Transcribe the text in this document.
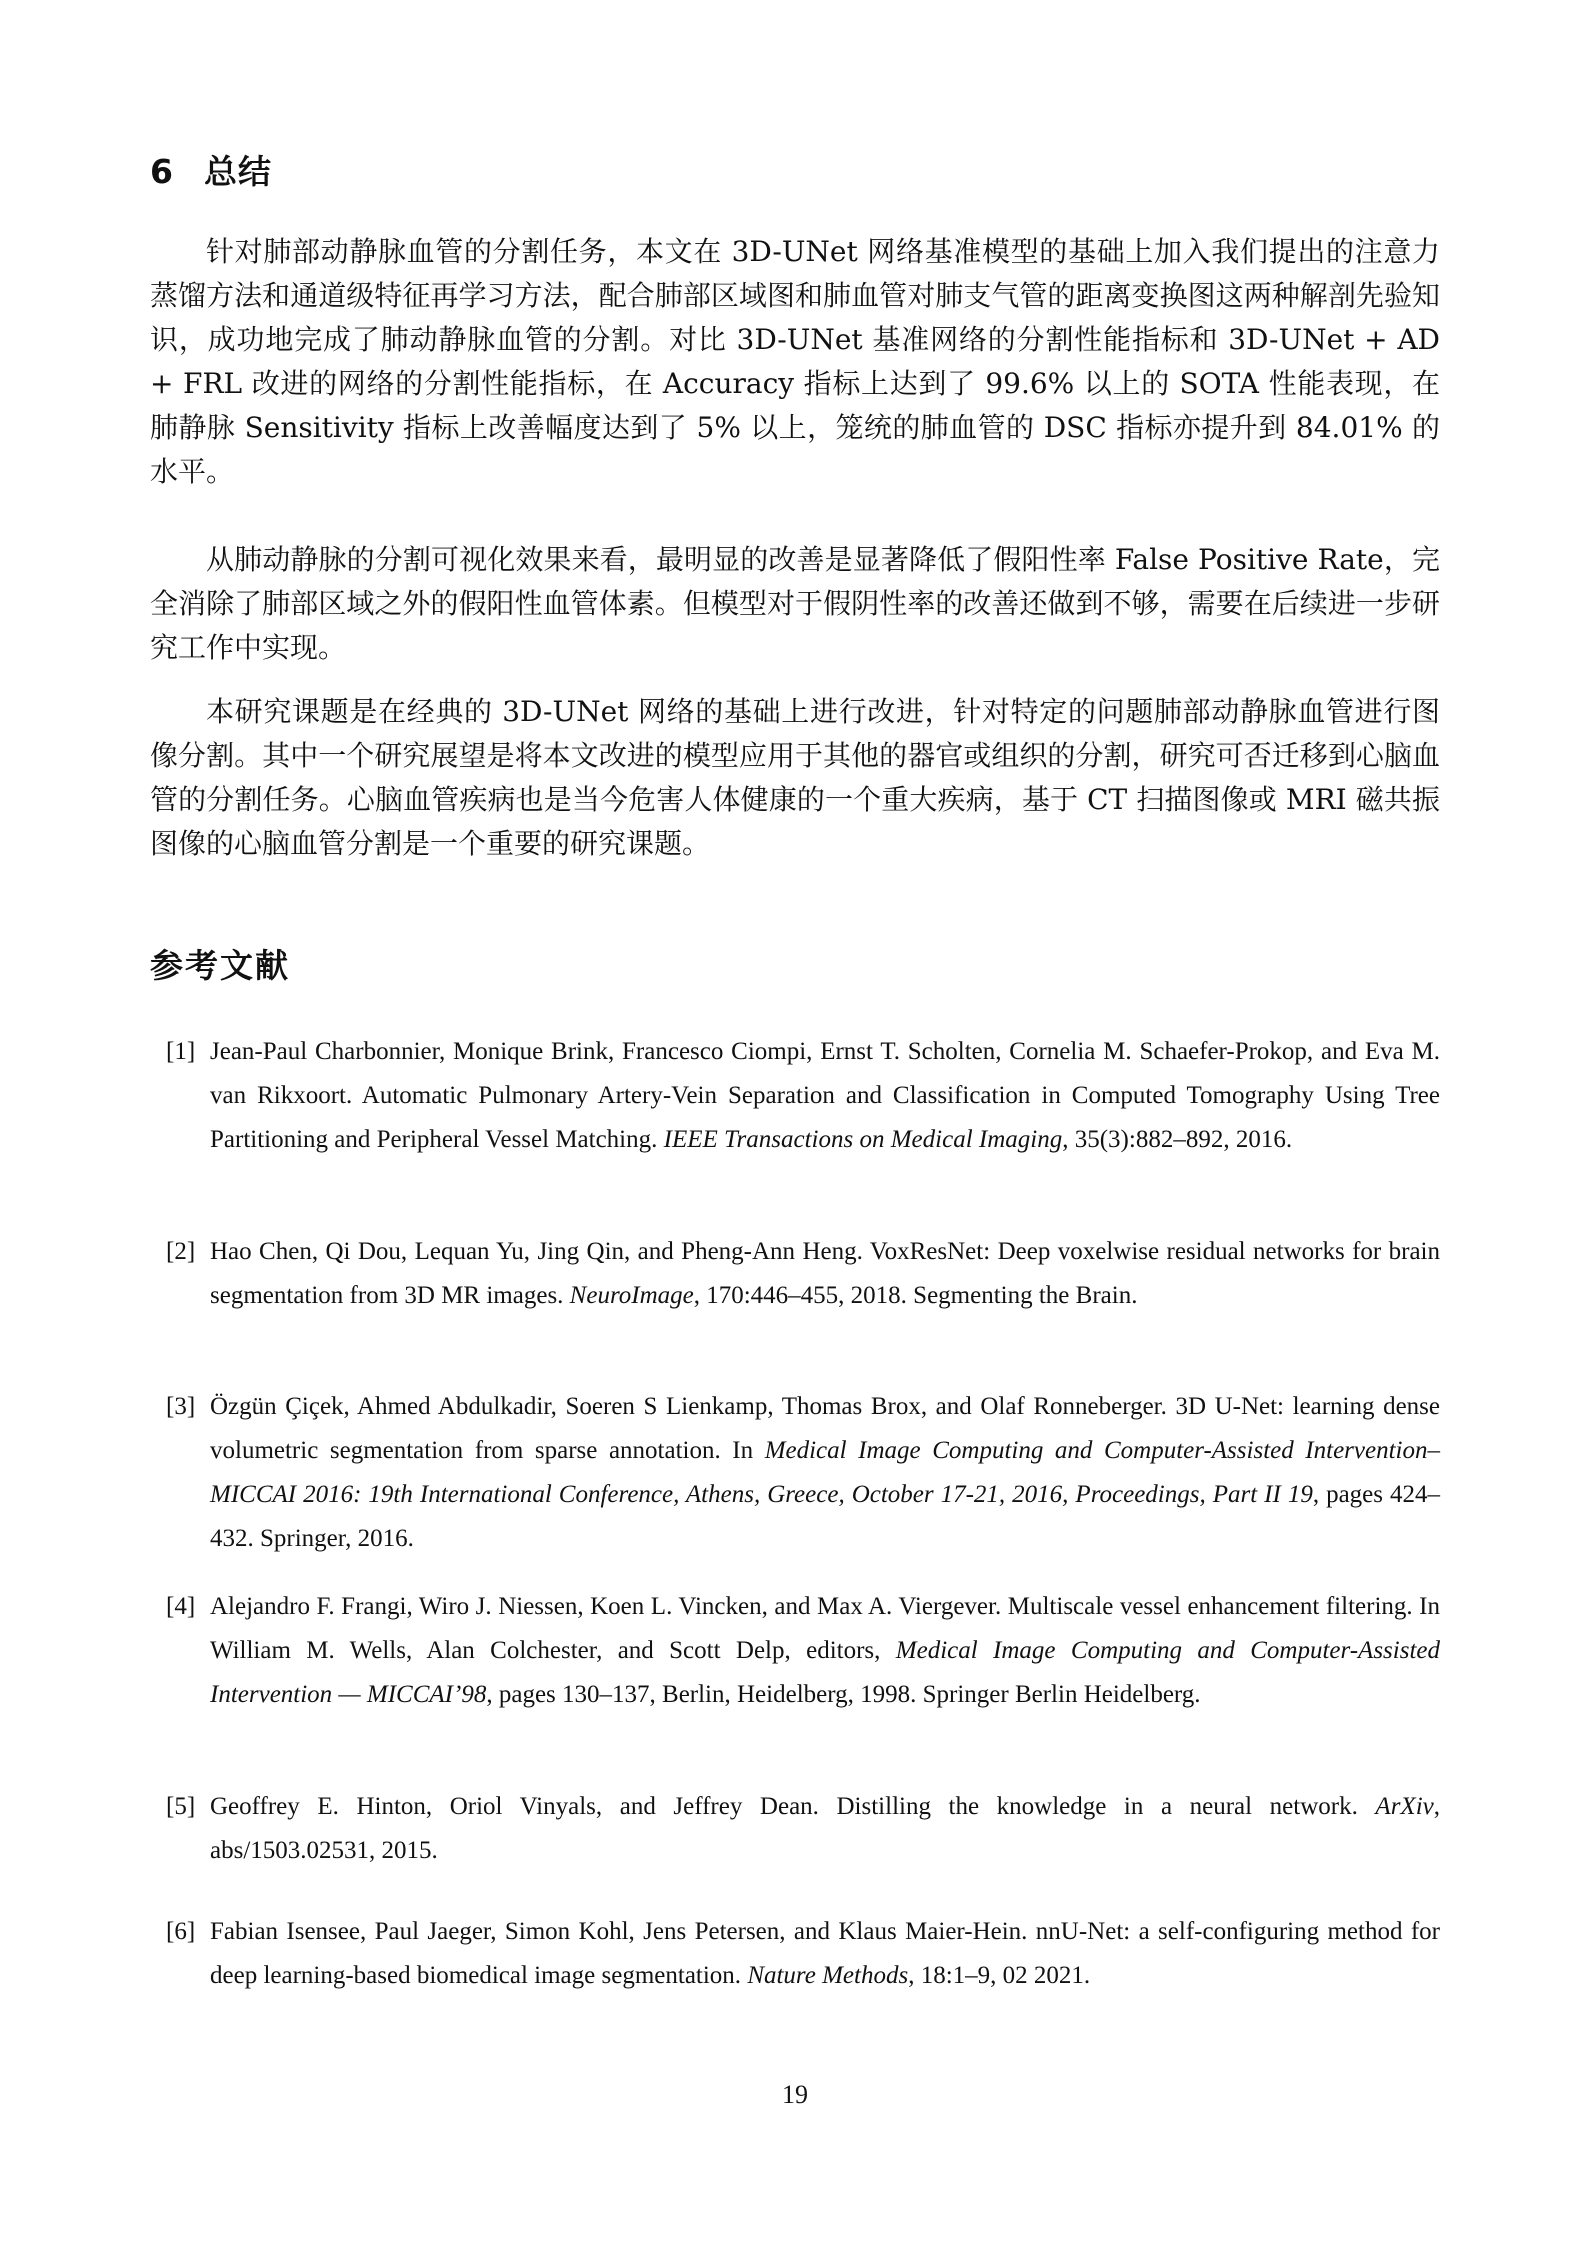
6 总结

针对肺部动静脉血管的分割任务，本文在 3D-UNet 网络基准模型的基础上加入我们提出的注意力蒸馏方法和通道级特征再学习方法，配合肺部区域图和肺血管对肺支气管的距离变换图这两种解剖先验知识，成功地完成了肺动静脉血管的分割。对比 3D-UNet 基准网络的分割性能指标和 3D-UNet + AD + FRL 改进的网络的分割性能指标，在 Accuracy 指标上达到了 99.6% 以上的 SOTA 性能表现，在肺静脉 Sensitivity 指标上改善幅度达到了 5% 以上，笼统的肺血管的 DSC 指标亦提升到 84.01% 的水平。

从肺动静脉的分割可视化效果来看，最明显的改善是显著降低了假阳性率 False Positive Rate，完全消除了肺部区域之外的假阳性血管体素。但模型对于假阴性率的改善还做到不够，需要在后续进一步研究工作中实现。

本研究课题是在经典的 3D-UNet 网络的基础上进行改进，针对特定的问题肺部动静脉血管进行图像分割。其中一个研究展望是将本文改进的模型应用于其他的器官或组织的分割，研究可否迁移到心脑血管的分割任务。心脑血管疾病也是当今危害人体健康的一个重大疾病，基于 CT 扫描图像或 MRI 磁共振图像的心脑血管分割是一个重要的研究课题。

参考文献
[1] Jean-Paul Charbonnier, Monique Brink, Francesco Ciompi, Ernst T. Scholten, Cornelia M. Schaefer-Prokop, and Eva M. van Rikxoort. Automatic Pulmonary Artery-Vein Separation and Classification in Computed Tomography Using Tree Partitioning and Peripheral Vessel Matching. IEEE Transactions on Medical Imaging, 35(3):882–892, 2016.
[2] Hao Chen, Qi Dou, Lequan Yu, Jing Qin, and Pheng-Ann Heng. VoxResNet: Deep voxelwise residual networks for brain segmentation from 3D MR images. NeuroImage, 170:446–455, 2018. Segmenting the Brain.
[3] Özgün Çiçek, Ahmed Abdulkadir, Soeren S Lienkamp, Thomas Brox, and Olaf Ronneberger. 3D U-Net: learning dense volumetric segmentation from sparse annotation. In Medical Image Computing and Computer-Assisted Intervention–MICCAI 2016: 19th International Conference, Athens, Greece, October 17-21, 2016, Proceedings, Part II 19, pages 424–432. Springer, 2016.
[4] Alejandro F. Frangi, Wiro J. Niessen, Koen L. Vincken, and Max A. Viergever. Multiscale vessel enhancement filtering. In William M. Wells, Alan Colchester, and Scott Delp, editors, Medical Image Computing and Computer-Assisted Intervention — MICCAI’98, pages 130–137, Berlin, Heidelberg, 1998. Springer Berlin Heidelberg.
[5] Geoffrey E. Hinton, Oriol Vinyals, and Jeffrey Dean. Distilling the knowledge in a neural network. ArXiv, abs/1503.02531, 2015.
[6] Fabian Isensee, Paul Jaeger, Simon Kohl, Jens Petersen, and Klaus Maier-Hein. nnU-Net: a self-configuring method for deep learning-based biomedical image segmentation. Nature Methods, 18:1–9, 02 2021.
19
